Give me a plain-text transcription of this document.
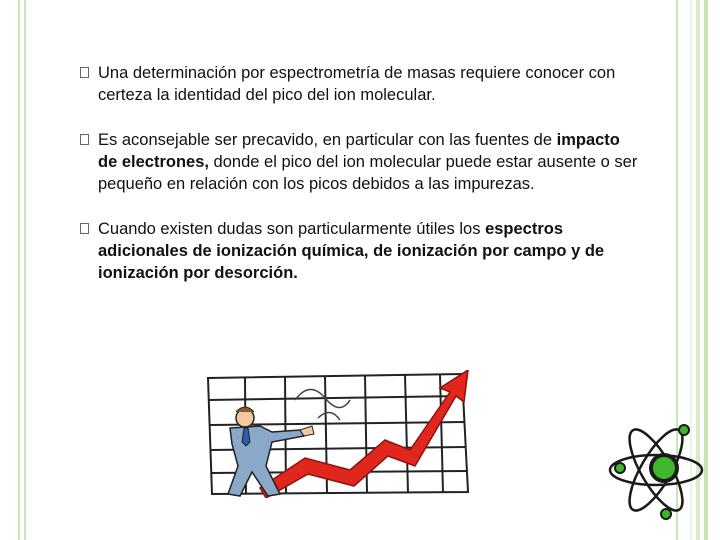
Una determinación por espectrometría de masas requiere conocer con certeza la identidad del pico del ion molecular.
Es aconsejable ser precavido, en particular con las fuentes de impacto de electrones, donde el pico del ion molecular puede estar ausente o ser pequeño en relación con los picos debidos a las impurezas.
Cuando existen dudas son particularmente útiles los espectros adicionales de ionización química, de ionización por campo y de ionización por desorción.
